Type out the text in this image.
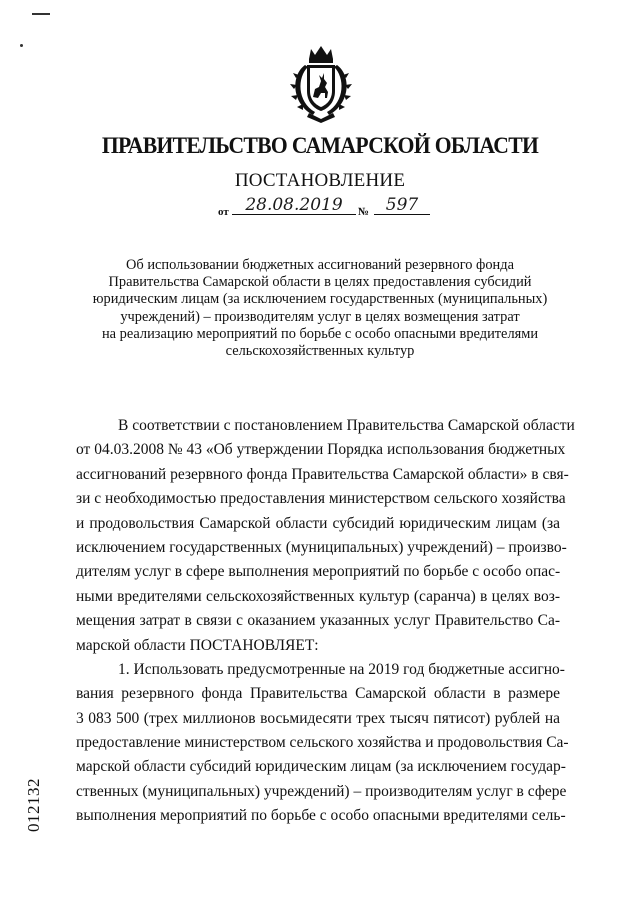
ПРАВИТЕЛЬСТВО САМАРСКОЙ ОБЛАСТИ
ПОСТАНОВЛЕНИЕ
от 28.08.2019	№ 597
Об использовании бюджетных ассигнований резервного фонда
Правительства Самарской области в целях предоставления субсидий
юридическим лицам (за исключением государственных (муниципальных)
учреждений) – производителям услуг в целях возмещения затрат
на реализацию мероприятий по борьбе с особо опасными вредителями
сельскохозяйственных культур
В соответствии с постановлением Правительства Самарской области
от 04.03.2008 № 43 «Об утверждении Порядка использования бюджетных
ассигнований резервного фонда Правительства Самарской области» в свя-
зи с необходимостью предоставления министерством сельского хозяйства
и продовольствия Самарской области субсидий юридическим лицам (за
исключением государственных (муниципальных) учреждений) – произво-
дителям услуг в сфере выполнения мероприятий по борьбе с особо опас-
ными вредителями сельскохозяйственных культур (саранча) в целях воз-
мещения затрат в связи с оказанием указанных услуг Правительство Са-
марской области ПОСТАНОВЛЯЕТ:
1. Использовать предусмотренные на 2019 год бюджетные ассигно-
вания резервного фонда Правительства Самарской области в размере
3 083 500 (трех миллионов восьмидесяти трех тысяч пятисот) рублей на
предоставление министерством сельского хозяйства и продовольствия Са-
марской области субсидий юридическим лицам (за исключением государ-
ственных (муниципальных) учреждений) – производителям услуг в сфере
выполнения мероприятий по борьбе с особо опасными вредителями сель-
012132
